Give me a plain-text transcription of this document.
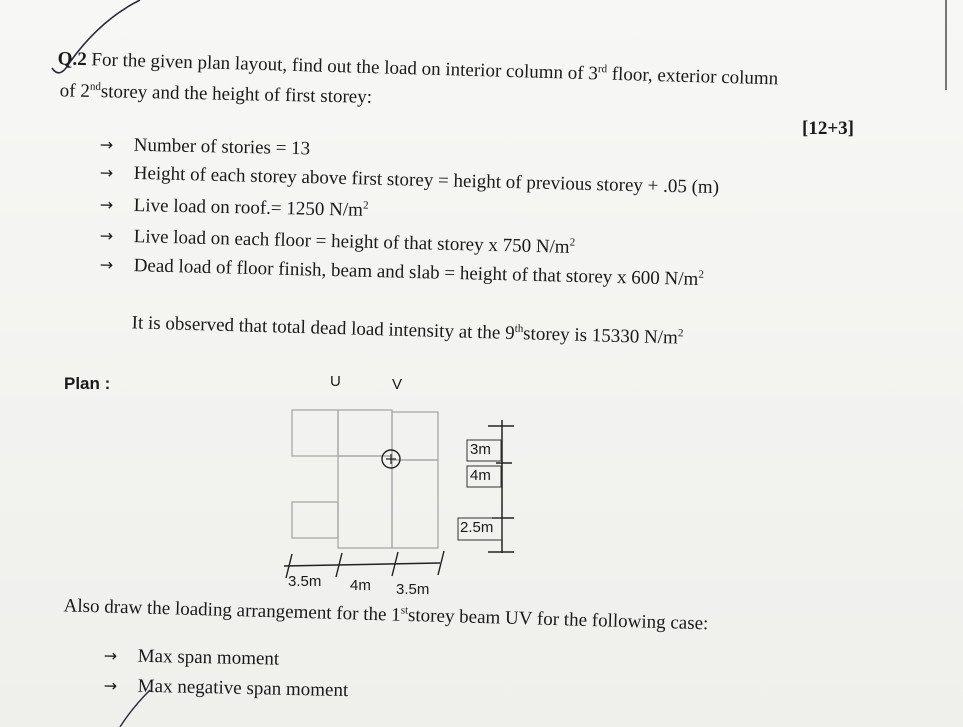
Q.2 For the given plan layout, find out the load on interior column of 3rd floor, exterior column
of 2ndstorey and the height of first storey:
[12+3]
→ Number of stories = 13
→ Height of each storey above first storey = height of previous storey + .05 (m)
→ Live load on roof.= 1250 $N/m^2$
→ Live load on each floor = height of that storey x 750 $N/m^2$
→ Dead load of floor finish, beam and slab = height of that storey x 600 $N/m^2$
It is observed that total dead load intensity at the 9thstorey is 15330 $N/m^2$
Plan :	U	V
3m
4m
2.5m
3.5m 4m 3.5m
Also draw the loading arrangement for the 1ststorey beam UV for the following case:
→ Max span moment
→ Max negative span moment
